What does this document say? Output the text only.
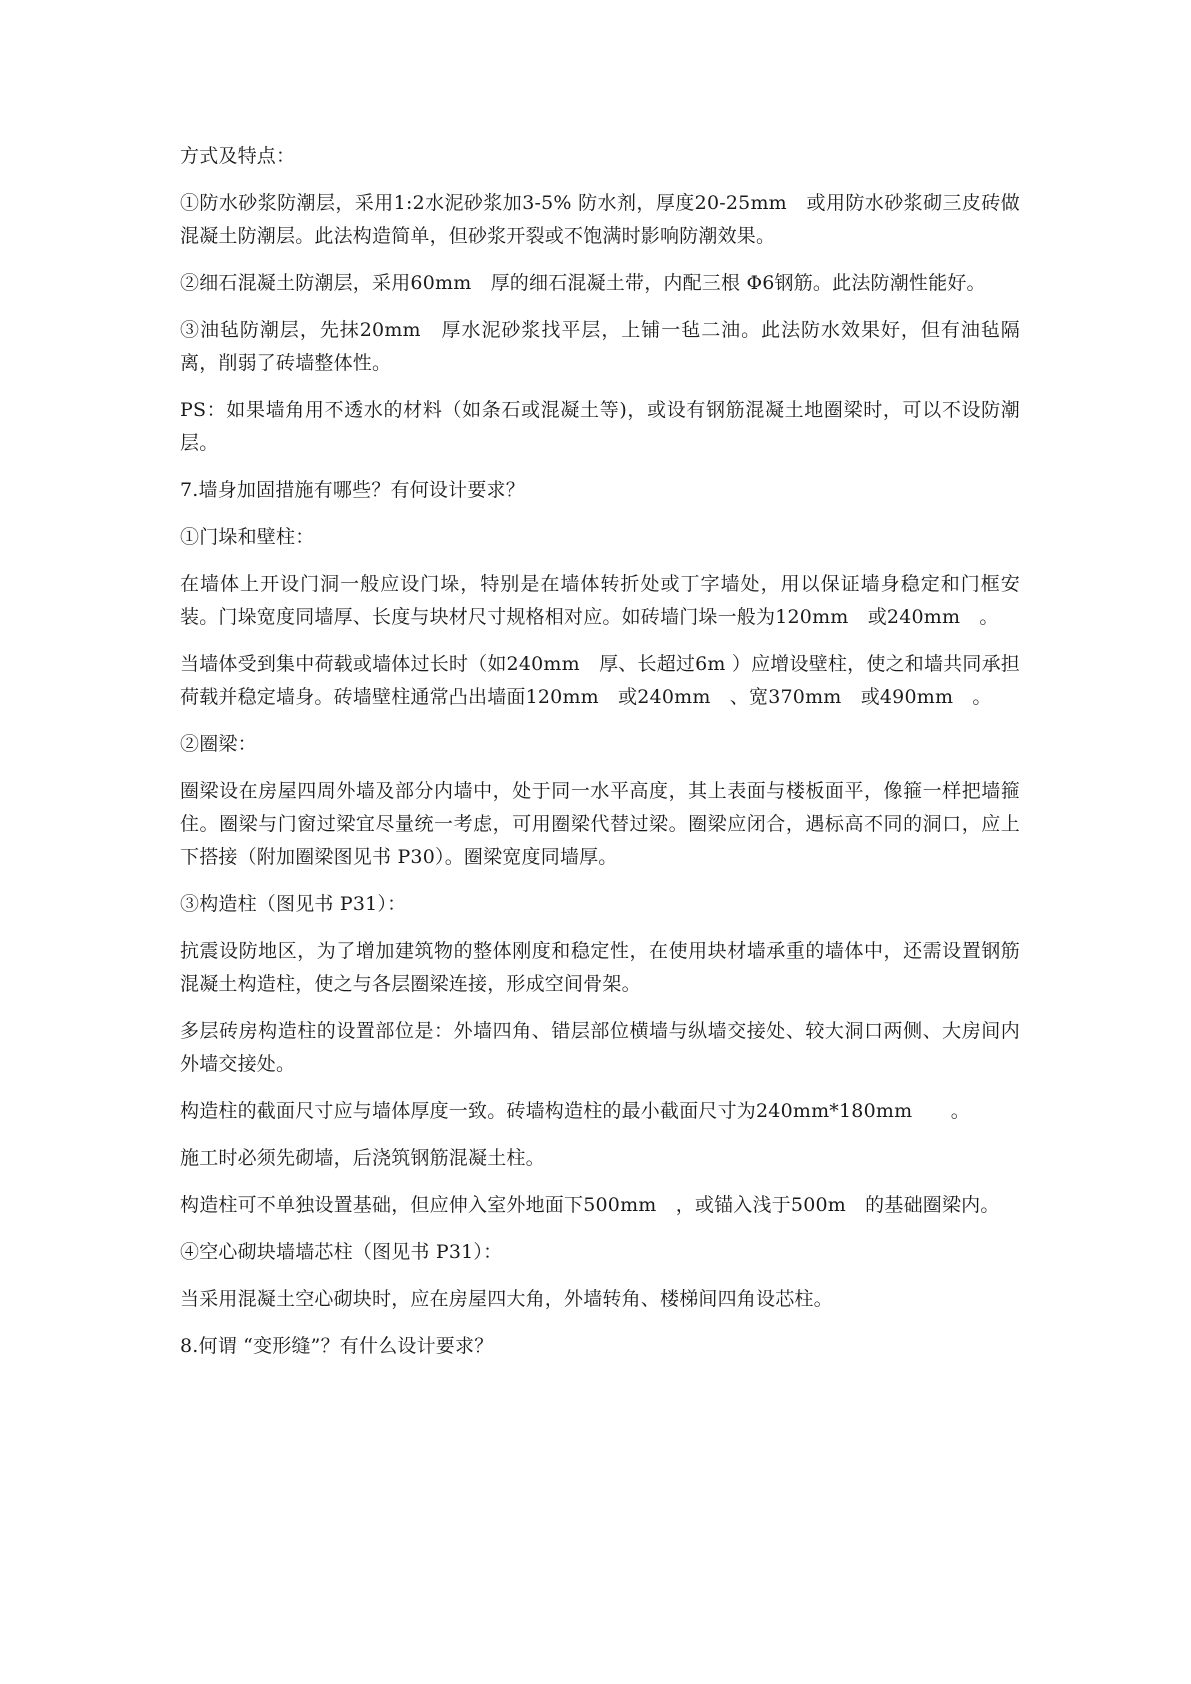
方式及特点：

①防水砂浆防潮层，采用1:2水泥砂浆加3-5% 防水剂，厚度20-25mm　或用防水砂浆砌三皮砖做混凝土防潮层。此法构造简单，但砂浆开裂或不饱满时影响防潮效果。

②细石混凝土防潮层，采用60mm　厚的细石混凝土带，内配三根 Φ6钢筋。此法防潮性能好。

③油毡防潮层，先抹20mm　厚水泥砂浆找平层，上铺一毡二油。此法防水效果好，但有油毡隔离，削弱了砖墙整体性。

PS：如果墙角用不透水的材料（如条石或混凝土等)，或设有钢筋混凝土地圈梁时，可以不设防潮层。

7.墙身加固措施有哪些？有何设计要求？

①门垛和壁柱：

在墙体上开设门洞一般应设门垛，特别是在墙体转折处或丁字墙处，用以保证墙身稳定和门框安装。门垛宽度同墙厚、长度与块材尺寸规格相对应。如砖墙门垛一般为120mm　或240mm　。

当墙体受到集中荷载或墙体过长时（如240mm　厚、长超过6m ）应增设壁柱，使之和墙共同承担荷载并稳定墙身。砖墙壁柱通常凸出墙面120mm　或240mm　、宽370mm　或490mm　。

②圈梁：

圈梁设在房屋四周外墙及部分内墙中，处于同一水平高度，其上表面与楼板面平，像箍一样把墙箍住。圈梁与门窗过梁宜尽量统一考虑，可用圈梁代替过梁。圈梁应闭合，遇标高不同的洞口，应上下搭接（附加圈梁图见书 P30）。圈梁宽度同墙厚。

③构造柱（图见书 P31）：

抗震设防地区，为了增加建筑物的整体刚度和稳定性，在使用块材墙承重的墙体中，还需设置钢筋混凝土构造柱，使之与各层圈梁连接，形成空间骨架。

多层砖房构造柱的设置部位是：外墙四角、错层部位横墙与纵墙交接处、较大洞口两侧、大房间内外墙交接处。

构造柱的截面尺寸应与墙体厚度一致。砖墙构造柱的最小截面尺寸为240mm*180mm　　。

施工时必须先砌墙，后浇筑钢筋混凝土柱。

构造柱可不单独设置基础，但应伸入室外地面下500mm　，或锚入浅于500m　的基础圈梁内。

④空心砌块墙墙芯柱（图见书 P31）：

当采用混凝土空心砌块时，应在房屋四大角，外墙转角、楼梯间四角设芯柱。

8.何谓 “变形缝”？有什么设计要求？
